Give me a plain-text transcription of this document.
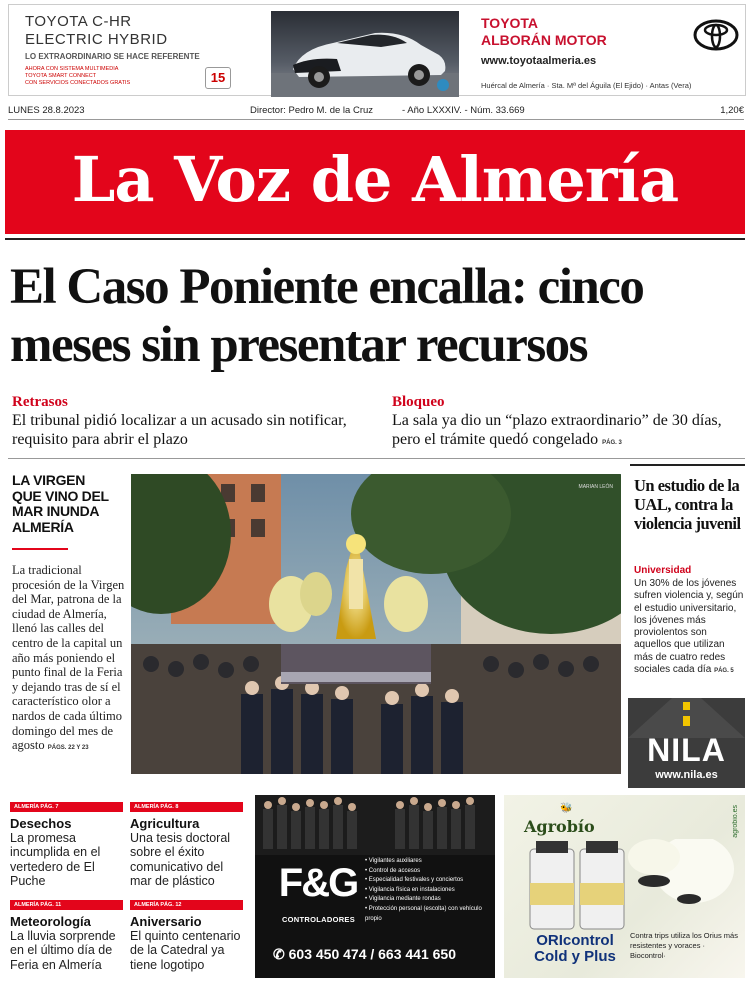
TOYOTA C-HR
ELECTRIC HYBRID
LO EXTRAORDINARIO SE HACE REFERENTE
AHORA CON SISTEMA MULTIMEDIA
TOYOTA SMART CONNECT
CON SERVICIOS CONECTADOS GRATIS	15
TOYOTA
ALBORÁN MOTOR
www.toyotaalmeria.es
Huércal de Almería · Sta. Mª del Águila (El Ejido) · Antas (Vera)
LUNES 28.8.2023	Director: Pedro M. de la Cruz	- Año LXXXIV. - Núm. 33.669	1,20€
La Voz de Almería
El Caso Poniente encalla: cinco
meses sin presentar recursos
Retrasos
El tribunal pidió localizar a un acusado sin notificar, requisito para abrir el plazo
Bloqueo
La sala ya dio un “plazo extraordinario” de 30 días, pero el trámite quedó congelado PÁG. 3
LA VIRGEN
QUE VINO DEL
MAR INUNDA
ALMERÍA
La tradicional procesión de la Virgen del Mar, patrona de la ciudad de Almería, llenó las calles del centro de la capital un año más poniendo el punto final de la Feria y dejando tras de sí el característico olor a nardos de cada último domingo del mes de agosto PÁGS. 22 Y 23
MARIAN LEÓN Un estudio de la UAL, contra la violencia juvenil
Universidad
Un 30% de los jóvenes sufren violencia y, según el estudio universitario, los jóvenes más proviolentos son aquellos que utilizan más de cuatro redes sociales cada día PÁG. 5
NILA
www.nila.es
ALMERÍA PÁG. 7
Desechos
La promesa incumplida en el vertedero de El Puche
ALMERÍA PÁG. 8
Agricultura
Una tesis doctoral sobre el éxito comunicativo del mar de plástico
ALMERÍA PÁG. 11
Meteorología
La lluvia sorprende en el último día de Feria en Almería
ALMERÍA PÁG. 12
Aniversario
El quinto centenario de la Catedral ya tiene logotipo
F&G
CONTROLADORES
• Vigilantes auxiliares
• Control de accesos
• Especialidad festivales y conciertos
• Vigilancia física en instalaciones
• Vigilancia mediante rondas
• Protección personal (escolta) con vehículo propio
✆ 603 450 474 / 663 441 650
🐝
Agrobío	agrobio.es
ORIcontrol
Cold y Plus
Contra trips utiliza los Orius más resistentes y voraces · Biocontrol·
